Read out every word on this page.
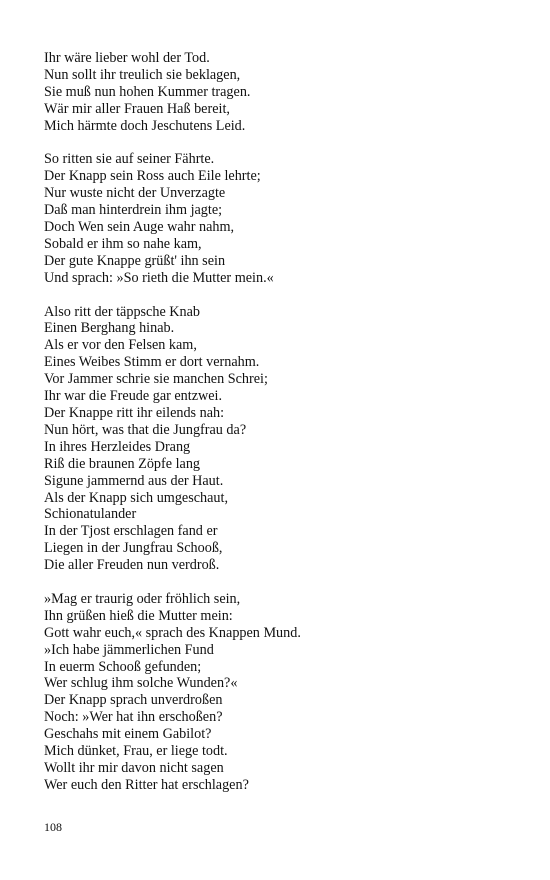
Ihr wäre lieber wohl der Tod.
Nun sollt ihr treulich sie beklagen,
Sie muß nun hohen Kummer tragen.
Wär mir aller Frauen Haß bereit,
Mich härmte doch Jeschutens Leid.
So ritten sie auf seiner Fährte.
Der Knapp sein Ross auch Eile lehrte;
Nur wuste nicht der Unverzagte
Daß man hinterdrein ihm jagte;
Doch Wen sein Auge wahr nahm,
Sobald er ihm so nahe kam,
Der gute Knappe grüßt' ihn sein
Und sprach: »So rieth die Mutter mein.«
Also ritt der täppsche Knab
Einen Berghang hinab.
Als er vor den Felsen kam,
Eines Weibes Stimm er dort vernahm.
Vor Jammer schrie sie manchen Schrei;
Ihr war die Freude gar entzwei.
Der Knappe ritt ihr eilends nah:
Nun hört, was that die Jungfrau da?
In ihres Herzleides Drang
Riß die braunen Zöpfe lang
Sigune jammernd aus der Haut.
Als der Knapp sich umgeschaut,
Schionatulander
In der Tjost erschlagen fand er
Liegen in der Jungfrau Schooß,
Die aller Freuden nun verdroß.
»Mag er traurig oder fröhlich sein,
Ihn grüßen hieß die Mutter mein:
Gott wahr euch,« sprach des Knappen Mund.
»Ich habe jämmerlichen Fund
In euerm Schooß gefunden;
Wer schlug ihm solche Wunden?«
Der Knapp sprach unverdroßen
Noch: »Wer hat ihn erschoßen?
Geschahs mit einem Gabilot?
Mich dünket, Frau, er liege todt.
Wollt ihr mir davon nicht sagen
Wer euch den Ritter hat erschlagen?
108
